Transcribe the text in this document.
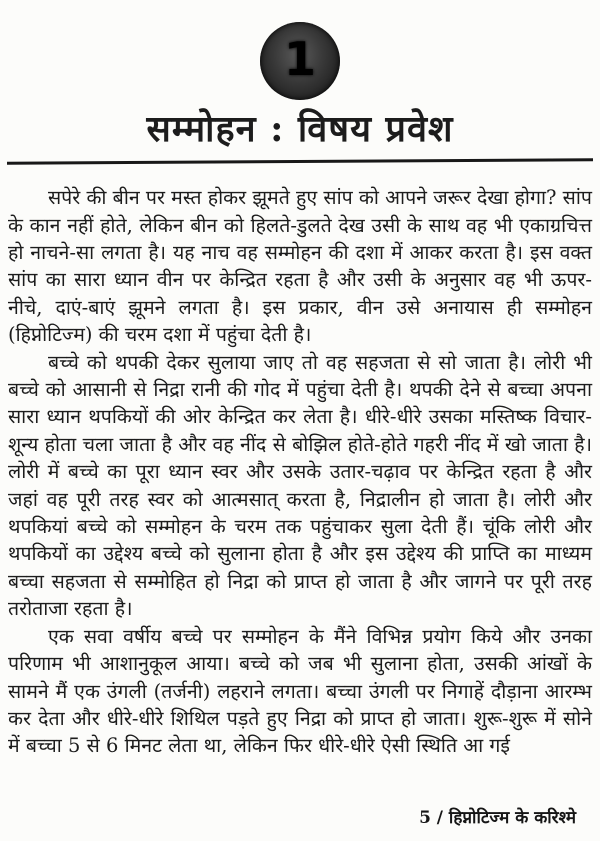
1
सम्मोहन : विषय प्रवेश

सपेरे की बीन पर मस्त होकर झूमते हुए सांप को आपने जरूर देखा होगा? सांप के कान नहीं होते, लेकिन बीन को हिलते-डुलते देख उसी के साथ वह भी एकाग्रचित्त हो नाचने-सा लगता है। यह नाच वह सम्मोहन की दशा में आकर करता है। इस वक्त सांप का सारा ध्यान वीन पर केन्द्रित रहता है और उसी के अनुसार वह भी ऊपर-नीचे, दाएं-बाएं झूमने लगता है। इस प्रकार, वीन उसे अनायास ही सम्मोहन (हिप्नोटिज्म) की चरम दशा में पहुंचा देती है।

बच्चे को थपकी देकर सुलाया जाए तो वह सहजता से सो जाता है। लोरी भी बच्चे को आसानी से निद्रा रानी की गोद में पहुंचा देती है। थपकी देने से बच्चा अपना सारा ध्यान थपकियों की ओर केन्द्रित कर लेता है। धीरे-धीरे उसका मस्तिष्क विचार-शून्य होता चला जाता है और वह नींद से बोझिल होते-होते गहरी नींद में खो जाता है। लोरी में बच्चे का पूरा ध्यान स्वर और उसके उतार-चढ़ाव पर केन्द्रित रहता है और जहां वह पूरी तरह स्वर को आत्मसात् करता है, निद्रालीन हो जाता है। लोरी और थपकियां बच्चे को सम्मोहन के चरम तक पहुंचाकर सुला देती हैं। चूंकि लोरी और थपकियों का उद्देश्य बच्चे को सुलाना होता है और इस उद्देश्य की प्राप्ति का माध्यम बच्चा सहजता से सम्मोहित हो निद्रा को प्राप्त हो जाता है और जागने पर पूरी तरह तरोताजा रहता है।

एक सवा वर्षीय बच्चे पर सम्मोहन के मैंने विभिन्न प्रयोग किये और उनका परिणाम भी आशानुकूल आया। बच्चे को जब भी सुलाना होता, उसकी आंखों के सामने मैं एक उंगली (तर्जनी) लहराने लगता। बच्चा उंगली पर निगाहें दौड़ाना आरम्भ कर देता और धीरे-धीरे शिथिल पड़ते हुए निद्रा को प्राप्त हो जाता। शुरू-शुरू में सोने में बच्चा 5 से 6 मिनट लेता था, लेकिन फिर धीरे-धीरे ऐसी स्थिति आ गई

5 / हिप्नोटिज्म के करिश्मे
